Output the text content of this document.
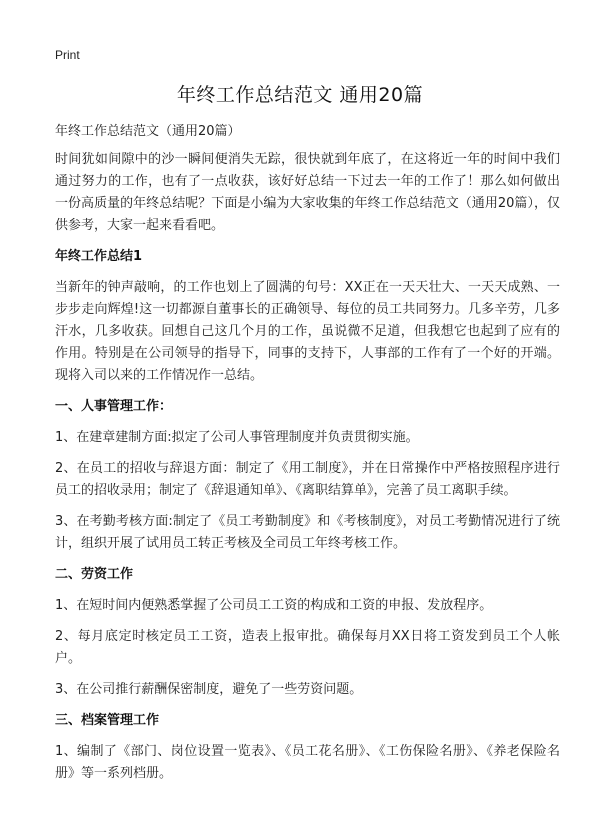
Print
年终工作总结范文 通用20篇

年终工作总结范文（通用20篇）

时间犹如间隙中的沙一瞬间便消失无踪，很快就到年底了，在这将近一年的时间中我们通过努力的工作，也有了一点收获，该好好总结一下过去一年的工作了！那么如何做出一份高质量的年终总结呢？下面是小编为大家收集的年终工作总结范文（通用20篇），仅供参考，大家一起来看看吧。

年终工作总结1

当新年的钟声敲响，的工作也划上了圆满的句号：XX正在一天天壮大、一天天成熟、一步步走向辉煌!这一切都源自董事长的正确领导、每位的员工共同努力。几多辛劳，几多汗水，几多收获。回想自己这几个月的工作，虽说微不足道，但我想它也起到了应有的作用。特别是在公司领导的指导下，同事的支持下，人事部的工作有了一个好的开端。现将入司以来的工作情况作一总结。

一、人事管理工作：

1、在建章建制方面:拟定了公司人事管理制度并负责贯彻实施。

2、在员工的招收与辞退方面：制定了《用工制度》，并在日常操作中严格按照程序进行员工的招收录用；制定了《辞退通知单》、《离职结算单》，完善了员工离职手续。

3、在考勤考核方面:制定了《员工考勤制度》和《考核制度》，对员工考勤情况进行了统计，组织开展了试用员工转正考核及全司员工年终考核工作。

二、劳资工作

1、在短时间内便熟悉掌握了公司员工工资的构成和工资的申报、发放程序。

2、每月底定时核定员工工资，造表上报审批。确保每月XX日将工资发到员工个人帐户。

3、在公司推行薪酬保密制度，避免了一些劳资问题。

三、档案管理工作

1、编制了《部门、岗位设置一览表》、《员工花名册》、《工伤保险名册》、《养老保险名册》等一系列档册。
